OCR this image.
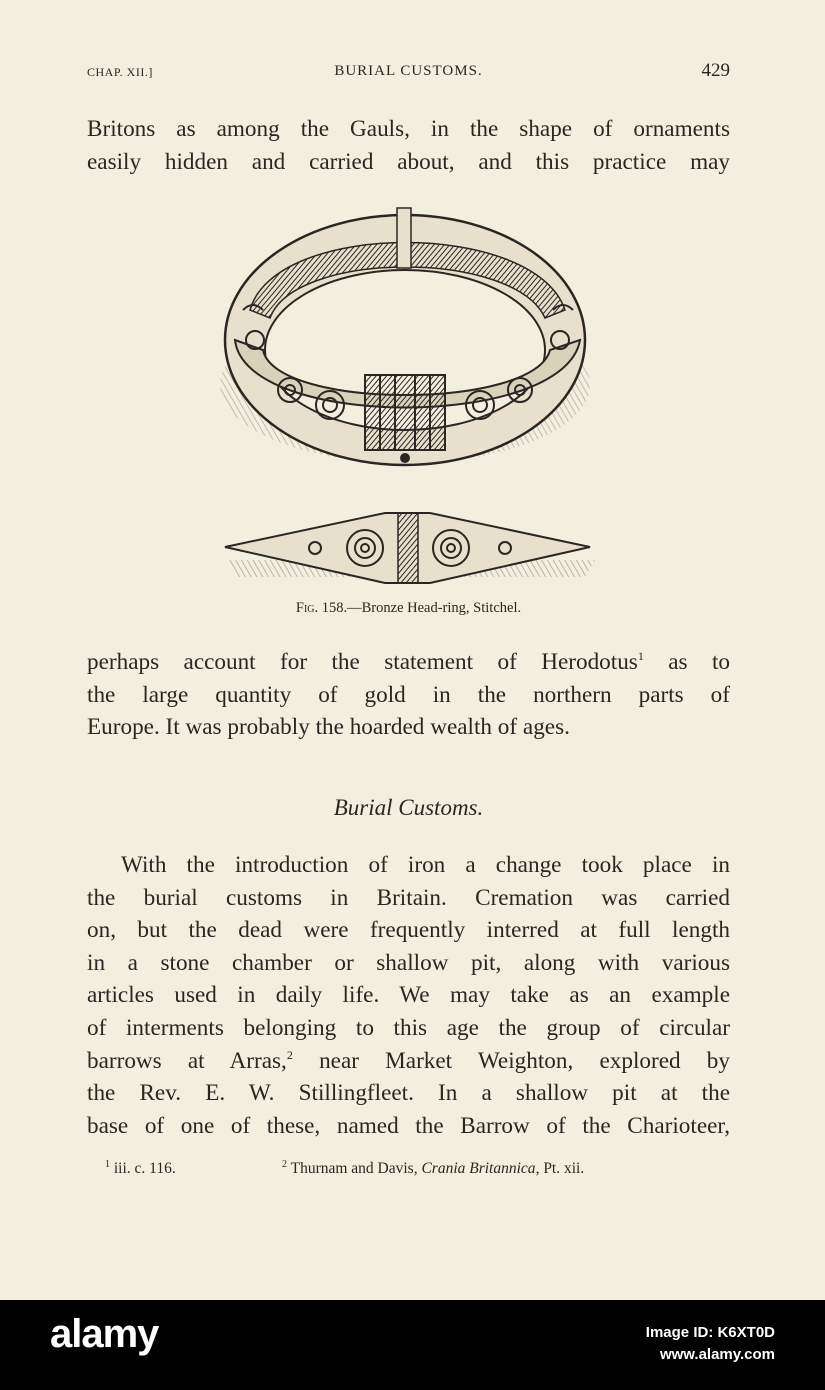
CHAP. XII.]	BURIAL CUSTOMS.	429

Britons as among the Gauls, in the shape of ornaments
easily hidden and carried about, and this practice may

Fig. 158.—Bronze Head-ring, Stitchel.

perhaps account for the statement of Herodotus$^1$ as to
the large quantity of gold in the northern parts of
Europe. It was probably the hoarded wealth of ages.

Burial Customs.

With the introduction of iron a change took place in
the burial customs in Britain. Cremation was carried
on, but the dead were frequently interred at full length
in a stone chamber or shallow pit, along with various
articles used in daily life. We may take as an example
of interments belonging to this age the group of circular
barrows at Arras,$^2$ near Market Weighton, explored by
the Rev. E. W. Stillingfleet. In a shallow pit at the
base of one of these, named the Barrow of the Charioteer,

$^1$ iii. c. 116.	$^2$ Thurnam and Davis, Crania Britannica, Pt. xii.
alamy	Image ID: K6XT0D
www.alamy.com
